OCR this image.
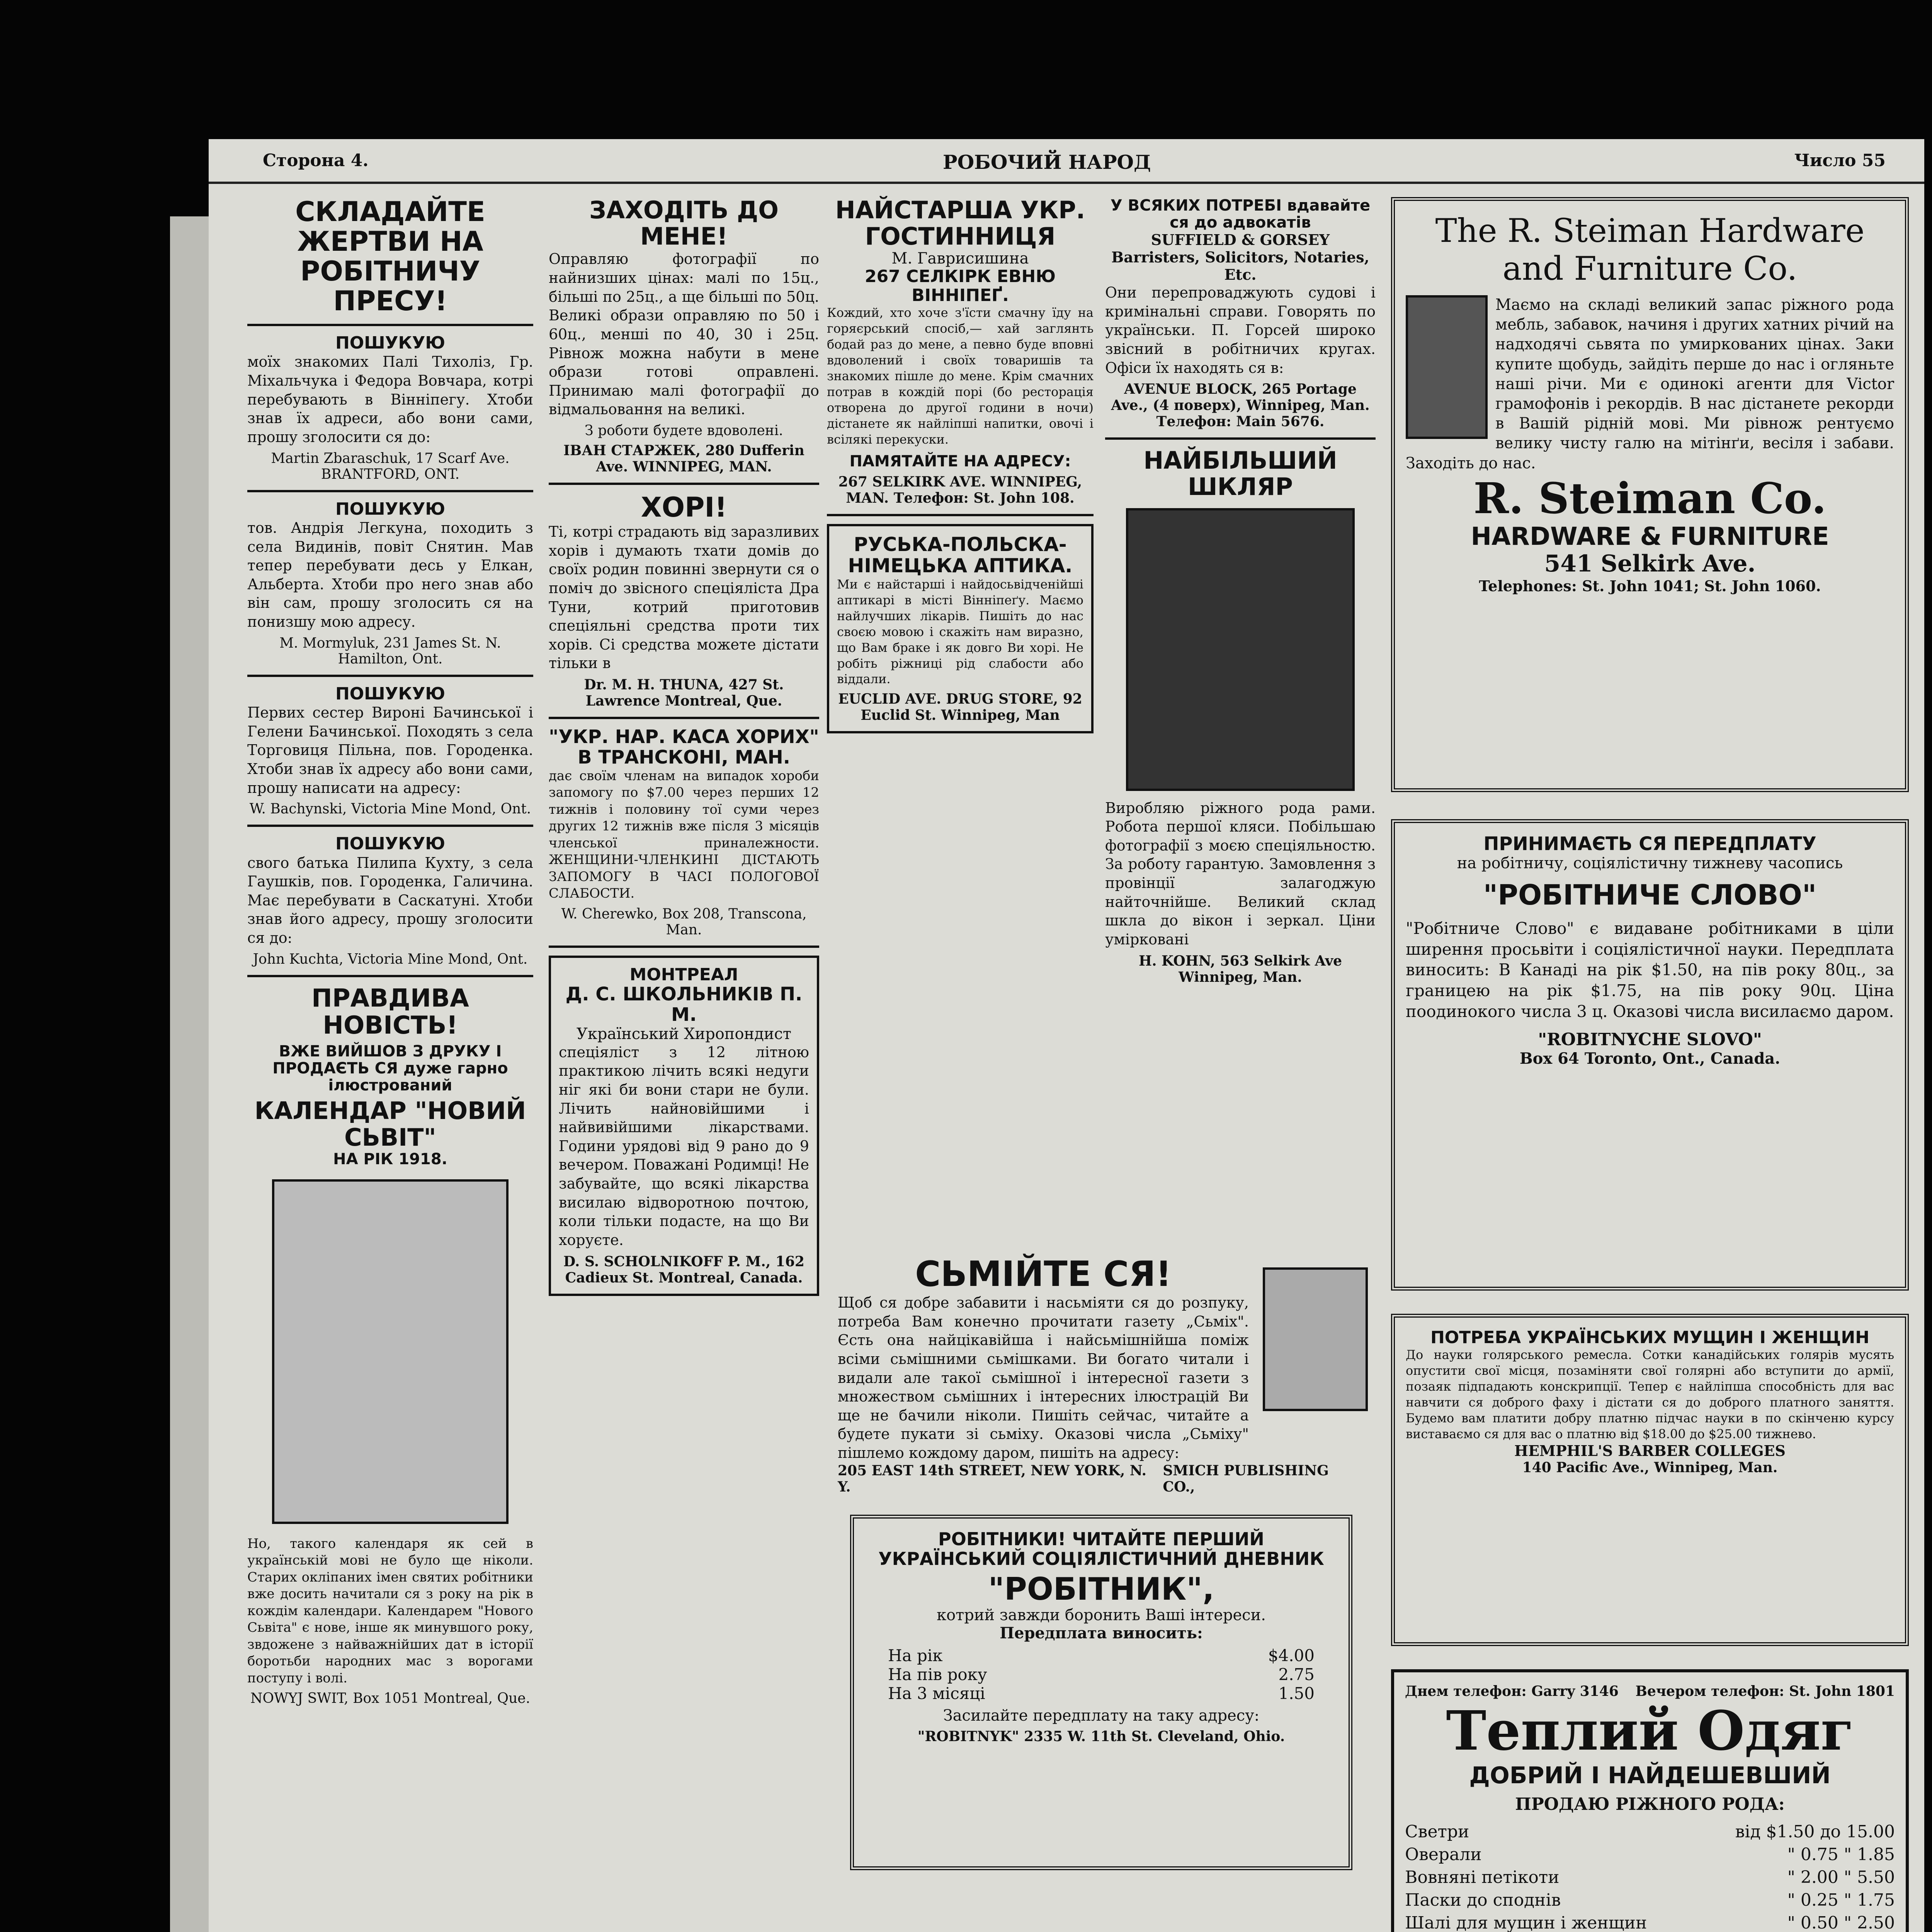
Сторона 4.	РОБОЧИЙ НАРОД	Число 55
СКЛАДАЙТЕ ЖЕРТВИ НА РОБІТНИЧУ ПРЕСУ!
ПОШУКУЮ
моїх знакомих Палі Тихоліз, Гр. Міхальчука і Федора Вовчара, котрі перебувають в Вінніпегу. Хтоби знав їх адреси, або вони сами, прошу зголосити ся до:
Martin Zbaraschuk, 17 Scarf Ave. BRANTFORD, ONT.
ПОШУКУЮ
тов. Андрія Легкуна, походить з села Видинів, повіт Снятин. Мав тепер перебувати десь у Елкан, Альберта. Хтоби про него знав або він сам, прошу зголосить ся на понизшу мою адресу.
M. Mormyluk, 231 James St. N. Hamilton, Ont.
ПОШУКУЮ
Первих сестер Вироні Бачинської і Гелени Бачинської. Походять з села Торговиця Пільна, пов. Городенка. Хтоби знав їх адресу або вони сами, прошу написати на адресу:
W. Bachynski, Victoria Mine Mond, Ont.
ПОШУКУЮ
свого батька Пилипа Кухту, з села Гаушків, пов. Городенка, Галичина. Має перебувати в Саскатуні. Хтоби знав його адресу, прошу зголосити ся до:
John Kuchta, Victoria Mine Mond, Ont.
ПРАВДИВА НОВІСТЬ!
ВЖЕ ВИЙШОВ З ДРУКУ І ПРОДАЄТЬ СЯ дуже гарно ілюстрований
КАЛЕНДАР "НОВИЙ СЬВІТ"
НА РІК 1918.
Но, такого календаря як сей в українській мові не було ще ніколи. Стариx окліпаних імен святих робітники вже досить начитали ся з року на рік в кождім календари. Календарем "Нового Сьвіта" є нове, інше як минувшого року, звдожене з найважнійших дат в історії боротьби народних мас з ворогами поступу і волі.
NOWYJ SWIT, Box 1051 Montreal, Que.
ЗАХОДІТЬ ДО МЕНЕ!
Оправляю фотографії по найнизших цінах: малі по 15ц., більші по 25ц., а ще більші по 50ц. Великі образи оправляю по 50 і 60ц., менші по 40, 30 і 25ц. Рівнож можна набути в мене образи готові оправлені. Принимаю малі фотографії до відмальовання на великі.
З роботи будете вдоволені.
ІВАН СТАРЖЕК, 280 Dufferin Ave. WINNIPEG, MAN.
ХОРІ!
Ті, котрі страдають від заразливих хорів і думають тхати домів до своїх родин повинні звернути ся о поміч до звісного спеціяліста Дра Туни, котрий приготовив спеціяльні средства проти тих хорів. Сі средства можете дістати тільки в
Dr. M. H. THUNA, 427 St. Lawrence Montreal, Que.
"УКР. НАР. КАСА ХОРИХ" В ТРАНСКОНІ, МАН.
дає своїм членам на випадок хороби запомогу по $7.00 через перших 12 тижнів і половину тої суми через других 12 тижнів вже після 3 місяців членської приналежности. ЖЕНЩИНИ-ЧЛЕНКИНІ ДІСТАЮТЬ ЗАПОМОГУ В ЧАСІ ПОЛОГОВОЇ СЛАБОСТИ.
W. Cherewko, Box 208, Transcona, Man.
МОНТРЕАЛ
Д. С. ШКОЛЬНИКІВ П. М.
Український Хиропондист
спеціяліст з 12 літною практикою лічить всякі недуги ніг які би вони стари не були. Лічить найновійшими і найвивійшими лікарствами. Години урядові від 9 рано до 9 вечером. Поважані Родимці! Не забувайте, що всякі лікарства висилаю відворотною почтою, коли тільки подасте, на що Ви хоруєте.
D. S. SCHOLNIKOFF P. M., 162 Cadieux St. Montreal, Canada.
НАЙСТАРША УКР. ГОСТИННИЦЯ
М. Гаврисишина
267 СЕЛКІРК ЕВНЮ ВІННІПЕҐ.
Кождий, хто хоче з'їсти смачну їду на гоpяєрський спосіб,— хай заглянть бодай раз до мене, а певно буде вповні вдоволений і своїх товаришів та знакомих пішле до мене. Крім смачних потрав в кождій порі (бо ресторація отворена до другої години в ночи) дістанете як найліпші напитки, овочі і всілякі перекуски.
ПАМЯТАЙТЕ НА АДРЕСУ:
267 SELKIRK AVE. WINNIPEG, MAN. Телефон: St. John 108.
РУСЬКА-ПОЛЬСКА-НІМЕЦЬКА АПТИКА.
Ми є найстарші і найдосьвідченійші аптикарі в місті Вінніпеґу. Маємо найлучших лікарів. Пишіть до нас своєю мовою і скажіть нам виразно, що Вам браке і як довго Ви хорі. Не робіть ріжниці рід слабости або віддали.
EUCLID AVE. DRUG STORE, 92 Euclid St. Winnipeg, Man
У ВСЯКИХ ПОТРЕБІ вдавайте ся до адвокатів
SUFFIELD & GORSEY Barristers, Solicitors, Notaries, Etc.
Они перепроваджують судові і кримінальні справи. Говорять по українськи. П. Горсей широко звісний в робітничих кругах. Офіси їх находять ся в:
AVENUE BLOCK, 265 Portage Ave., (4 поверх), Winnipeg, Man. Телефон: Main 5676.
НАЙБІЛЬШИЙ ШКЛЯР
Виробляю ріжного рода рами. Робота першої кляси. Побільшаю фотографії з моєю спеціяльностю. За роботу гарантую. Замовлення з провінції залагоджую найточнійше. Великий склад шкла до вікон і зеркал. Ціни умірковані
H. KOHN, 563 Selkirk Ave Winnipeg, Man.
СЬМІЙТЕ СЯ!
Щоб ся добре забавити і насьміяти ся до розпуку, потреба Вам конечно прочитати газету „Сьмix". Єсть она найцікавійша і найсьмішнійша поміж всіми сьмішними сьмішками. Ви богато читали і видали але такої сьмішної і інтересної газети з множеством сьмішних і інтересних ілюстрацій Ви ще не бачили ніколи. Пишіть сейчас, читайте а будете пукати зі сьміху. Оказові числа „Сьміху" пішлемо кождому даром, пишіть на адресу:
205 EAST 14th STREET, NEW YORK, N. Y.
SMICH PUBLISHING CO.,
РОБІТНИКИ! ЧИТАЙТЕ ПЕРШИЙ УКРАЇНСЬКИЙ СОЦІЯЛІСТИЧНИЙ ДНЕВНИК
"РОБІТНИК",
котрий завжди боронить Ваші інтереси.
Передплата виносить:
На рік	$4.00
На пів року	2.75
На 3 місяці	1.50
Засилайте передплату на таку адресу:
"ROBITNYK" 2335 W. 11th St. Cleveland, Ohio.
The R. Steiman Hardware and Furniture Co.
Маємо на складі великий запас ріжного рода мебль, забавок, начиня і других хатних річий на надходячі сьвята по умиркованих цінах. Заки купите щобудь, зайдіть перше до нас і огляньте наші річи. Ми є одинокі агенти для Victor грамофонів і рекордів. В нас дістанете рекорди в Вашій рідній мові. Ми рівнож рентуємо велику чисту галю на мітінґи, весіля і забави. Заходіть до нас.
R. Steiman Co.
HARDWARE & FURNITURE
541 Selkirk Ave.
Telephones: St. John 1041; St. John 1060.
ПРИНИМАЄТЬ СЯ ПЕРЕДПЛАТУ
на робітничу, соціялістичну тижневу часопись
"РОБІТНИЧЕ СЛОВО"
"Робітниче Слово" є видаване робітниками в ціли ширення просьвіти і соціялістичної науки. Передплата виносить: В Канаді на рік $1.50, на пів року 80ц., за границею на рік $1.75, на пів року 90ц. Ціна поодинокого числа 3 ц. Оказові числа висилаємо даром.
"ROBITNYCHE SLOVO"
Box 64 Toronto, Ont., Canada.
ПОТРЕБА УКРАЇНСЬКИХ МУЩИН І ЖЕНЩИН
До науки голярського ремесла. Сотки канадійських голярів мусять опустити свої місця, позаміняти свої голярні або вступити до армії, позаяк підпадають конскрипції. Тепер є найлiпша способність для вас навчити ся доброго фаху і дістати ся до доброго платного заняття. Будемо вам платити добру платню підчас науки в по скінченю курсу виставаємо ся для вас о платню від $18.00 до $25.00 тижнево.
HEMPHIL'S BARBER COLLEGES
140 Pacific Ave., Winnipeg, Man.
Днем телефон: Garry 3146 Вечером телефон: St. John 1801
Теплий Одяг
ДОБРИЙ І НАЙДЕШЕВШИЙ
ПРОДАЮ РІЖНОГО РОДА:
Светри	від $1.50 до 15.00
Оверали	" 0.75 " 1.85
Вовняні петікоти	" 2.00 " 5.50
Паски до споднів	" 0.25 " 1.75
Шалі для мущин і женщин	" 0.50 " 2.50
